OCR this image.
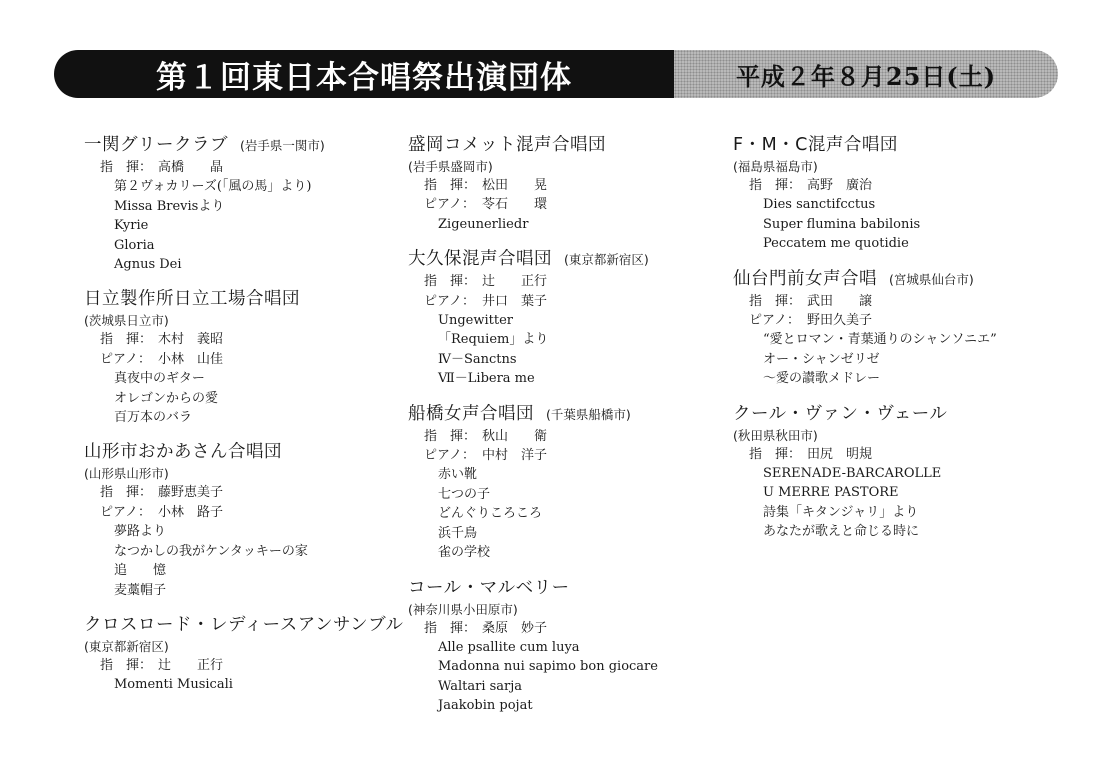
第１回東日本合唱祭出演団体	平成２年８月25日(土)
一関グリークラブ (岩手県一関市)
指　揮： 高橋　　晶
第２ヴォカリーズ(「風の馬」より)
Missa Brevisより
Kyrie
Gloria
Agnus Dei
日立製作所日立工場合唱団
(茨城県日立市)
指　揮： 木村　義昭
ピアノ： 小林　山佳
真夜中のギター
オレゴンからの愛
百万本のバラ
山形市おかあさん合唱団
(山形県山形市)
指　揮： 藤野恵美子
ピアノ： 小林　路子
夢路より
なつかしの我がケンタッキーの家
追　　憶
麦藁帽子
クロスロード・レディースアンサンブル
(東京都新宿区)
指　揮： 辻　　正行
Momenti Musicali
盛岡コメット混声合唱団
(岩手県盛岡市)
指　揮： 松田　　晃
ピアノ： 苓石　　環
Zigeunerliedr
大久保混声合唱団 (東京都新宿区)
指　揮： 辻　　正行
ピアノ： 井口　葉子
Ungewitter
「Requiem」より
Ⅳ－Sanctns
Ⅶ－Libera me
船橋女声合唱団 (千葉県船橋市)
指　揮： 秋山　　衛
ピアノ： 中村　洋子
赤い靴
七つの子
どんぐりころころ
浜千鳥
雀の学校
コール・マルベリー
(神奈川県小田原市)
指　揮： 桑原　妙子
Alle psallite cum luya
Madonna nui sapimo bon giocare
Waltari sarja
Jaakobin pojat
F・M・C混声合唱団
(福島県福島市)
指　揮： 高野　廣治
Dies sanctifcctus
Super flumina babilonis
Peccatem me quotidie
仙台門前女声合唱 (宮城県仙台市)
指　揮： 武田　　譲
ピアノ： 野田久美子
“愛とロマン・青葉通りのシャンソニエ”
オー・シャンゼリゼ
～愛の讃歌メドレー
クール・ヴァン・ヴェール
(秋田県秋田市)
指　揮： 田尻　明規
SERENADE-BARCAROLLE
U MERRE PASTORE
詩集「キタンジャリ」より
あなたが歌えと命じる時に
